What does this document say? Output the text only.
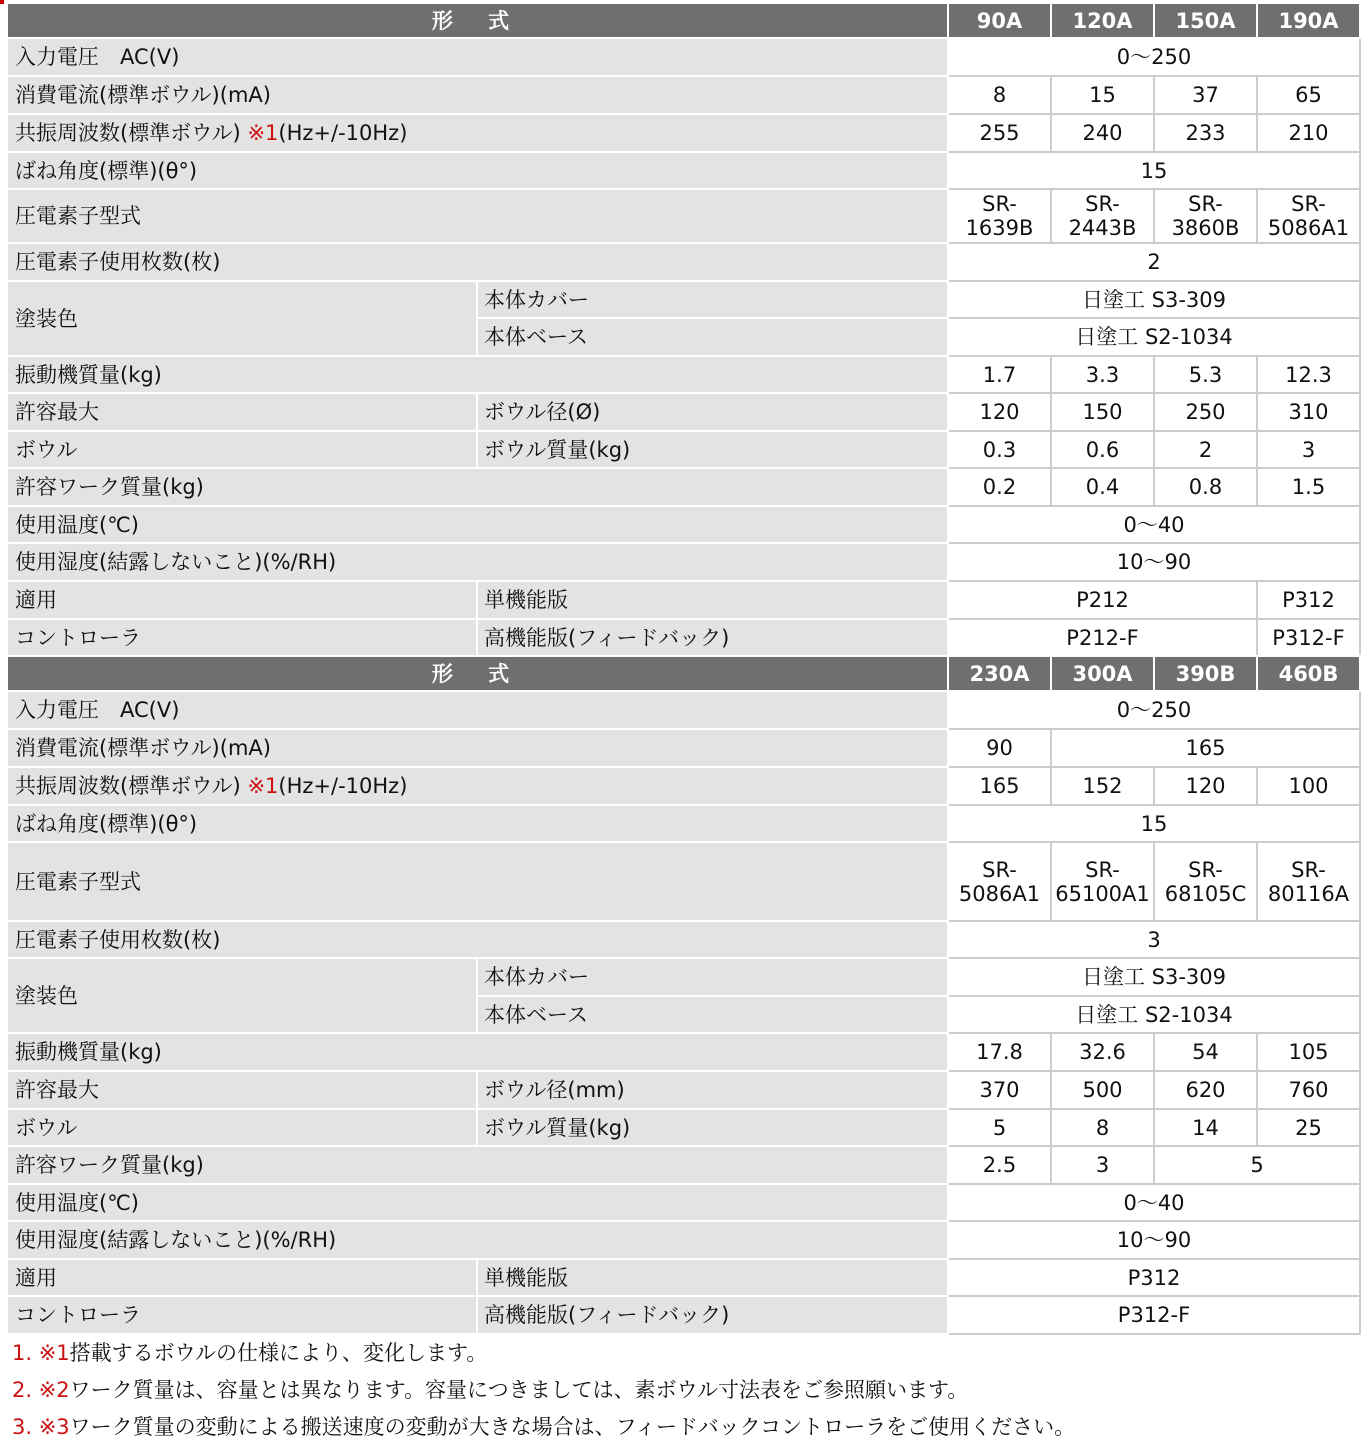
形 式		90A	120A	150A	190A
入力電圧　AC(V)		0～250			
消費電流(標準ボウル)(mA)		8	15	37	65
共振周波数(標準ボウル) ※1(Hz+/-10Hz)		255	240	233	210
ばね角度(標準)(θ°)		15			
圧電素子型式		SR-1639B	SR-2443B	SR-3860B	SR-5086A1
圧電素子使用枚数(枚)		2			
塗装色	本体カバー	日塗工 S3-309			
	本体ベース	日塗工 S2-1034			
振動機質量(kg)		1.7	3.3	5.3	12.3
許容最大	ボウル径(Ø)	120	150	250	310
ボウル	ボウル質量(kg)	0.3	0.6	2	3
許容ワーク質量(kg)		0.2	0.4	0.8	1.5
使用温度(℃)		0～40			
使用湿度(結露しないこと)(%/RH)		10～90			
適用	単機能版	P212			P312
コントローラ	高機能版(フィードバック)	P212-F			P312-F
形 式		230A	300A	390B	460B
入力電圧　AC(V)		0～250			
消費電流(標準ボウル)(mA)		90	165		
共振周波数(標準ボウル) ※1(Hz+/-10Hz)		165	152	120	100
ばね角度(標準)(θ°)		15			
圧電素子型式		SR-5086A1	SR-65100A1	SR-68105C	SR-80116A
圧電素子使用枚数(枚)		3			
塗装色	本体カバー	日塗工 S3-309			
	本体ベース	日塗工 S2-1034			
振動機質量(kg)		17.8	32.6	54	105
許容最大	ボウル径(mm)	370	500	620	760
ボウル	ボウル質量(kg)	5	8	14	25
許容ワーク質量(kg)		2.5	3	5	
使用温度(℃)		0～40			
使用湿度(結露しないこと)(%/RH)		10～90			
適用	単機能版	P312			
コントローラ	高機能版(フィードバック)	P312-F			
1. ※1搭載するボウルの仕様により、変化します。
2. ※2ワーク質量は、容量とは異なります。容量につきましては、素ボウル寸法表をご参照願います。
3. ※3ワーク質量の変動による搬送速度の変動が大きな場合は、フィードバックコントローラをご使用ください。
